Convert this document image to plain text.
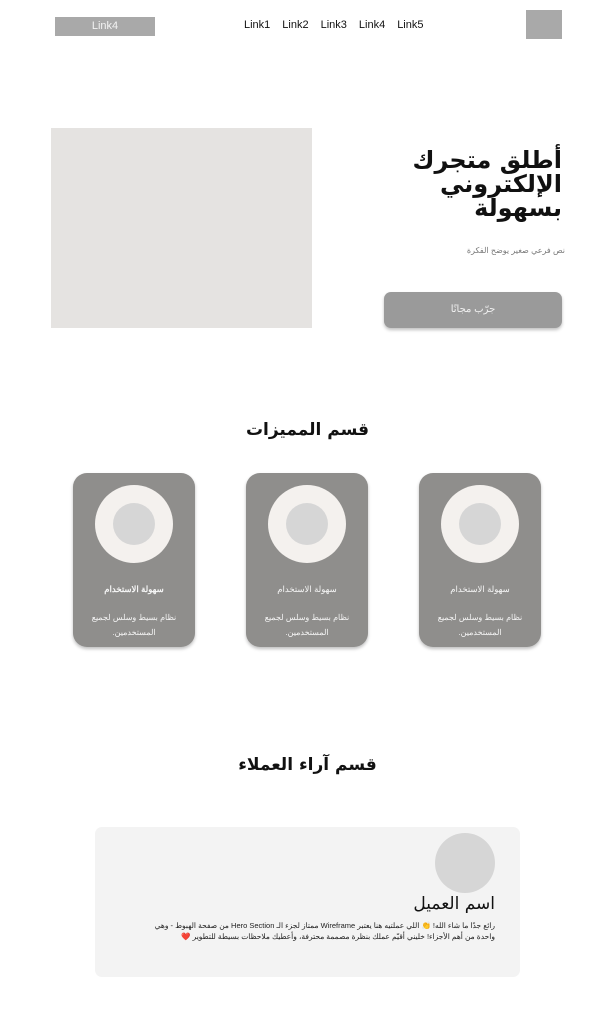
Link4	Link1 Link2 Link3 Link4 Link5
أطلق متجرك الإلكتروني بسهولة
نص فرعي صغير يوضح الفكرة
جرّب مجانًا
قسم المميزات
سهولة الاستخدام
نظام بسيط وسلس لجميع المستخدمين.
سهولة الاستخدام
نظام بسيط وسلس لجميع المستخدمين.
سهولة الاستخدام
نظام بسيط وسلس لجميع المستخدمين.
قسم آراء العملاء
اسم العميل
رائع جدًا ما شاء الله! 👏 اللي عملتيه هنا يعتبر Wireframe ممتاز لجزء الـ Hero Section من صفحة الهبوط - وهي واحدة من أهم الأجزاء! خليني أقيّم عملك بنظرة مصممة محترفة، وأعطيك ملاحظات بسيطة للتطوير ❤️
